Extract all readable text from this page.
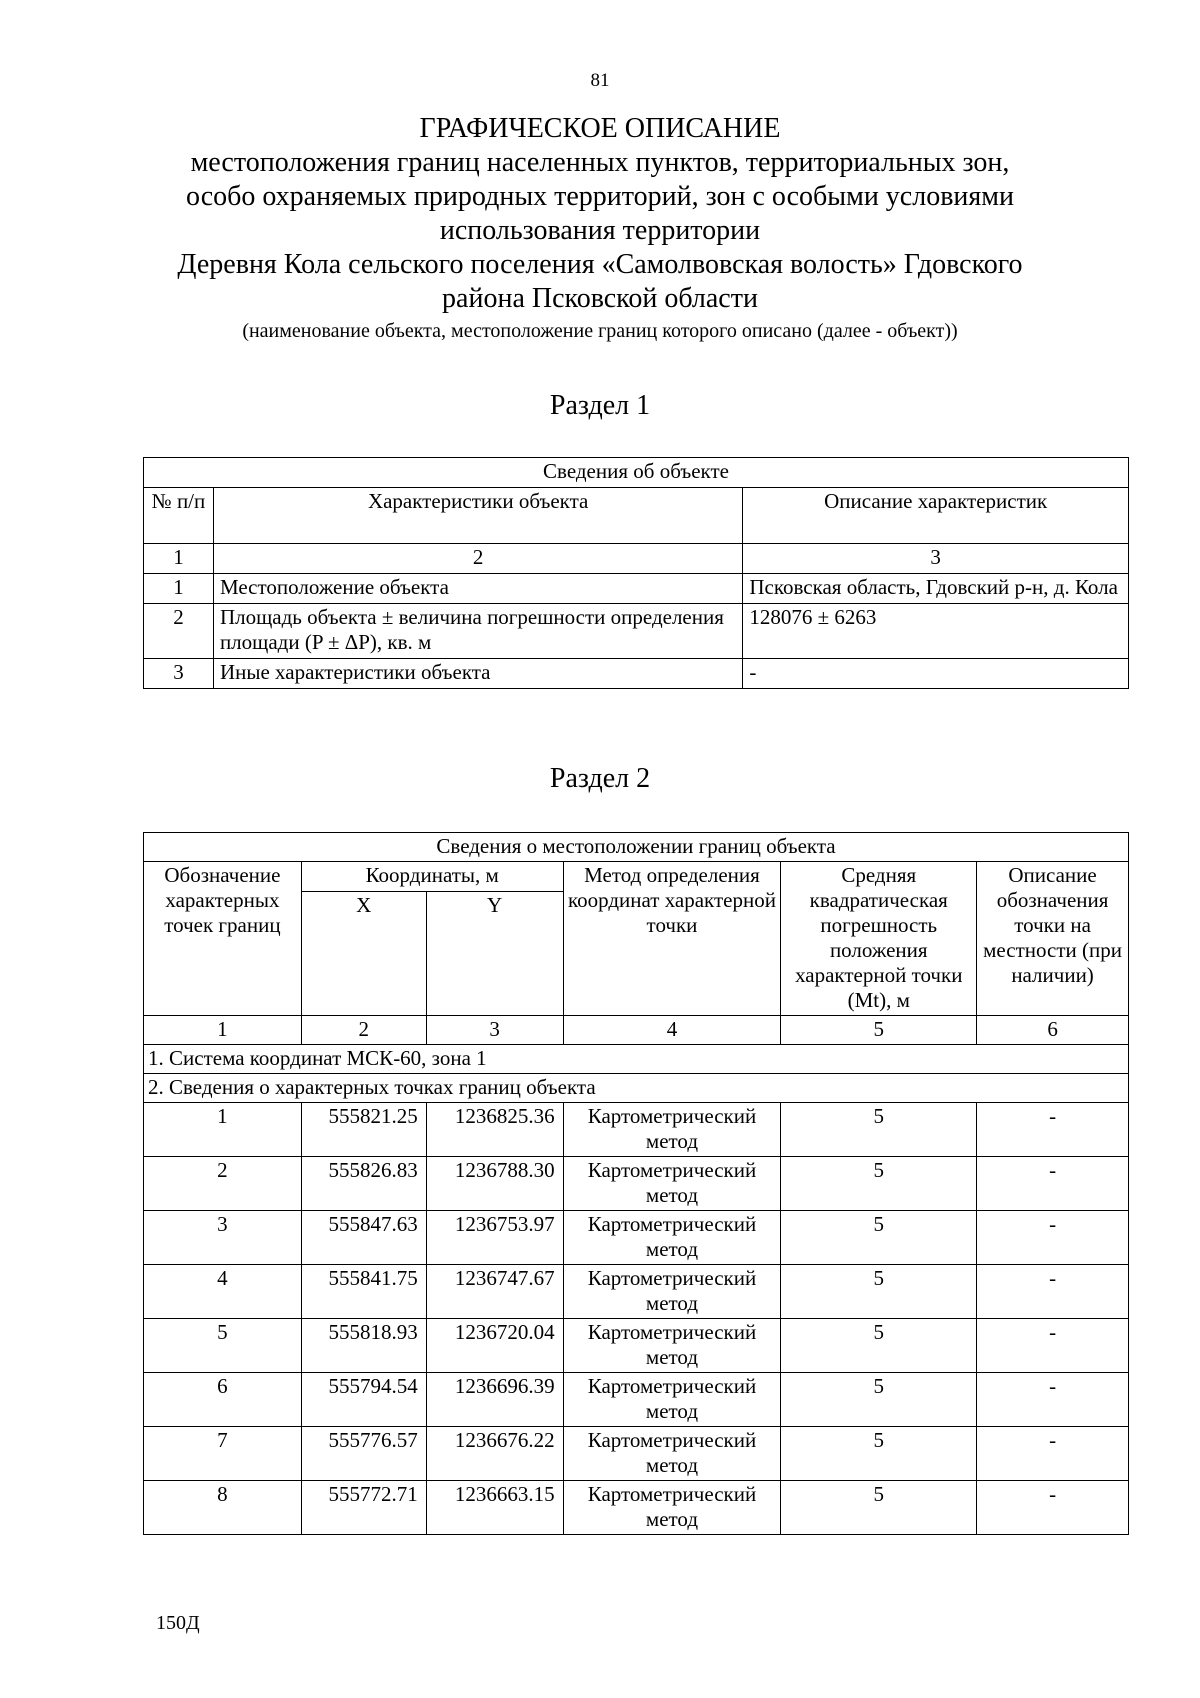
81
ГРАФИЧЕСКОЕ ОПИСАНИЕ
местоположения границ населенных пунктов, территориальных зон,
особо охраняемых природных территорий, зон с особыми условиями
использования территории
Деревня Кола сельского поселения «Самолвовская волость» Гдовского
района Псковской области
(наименование объекта, местоположение границ которого описано (далее - объект))
Раздел 1
Сведения об объекте		
№ п/п	Характеристики объекта	Описание характеристик
1	2	3
1	Местоположение объекта	Псковская область, Гдовский р-н, д. Кола
2	Площадь объекта ± величина погрешности определения площади (P ± ΔP), кв. м	128076 ± 6263
3	Иные характеристики объекта	-
Раздел 2
Сведения о местоположении границ объекта					
Обозначение характерных точек границ	Координаты, м		Метод определения координат характерной точки	Средняя квадратическая погрешность положения характерной точки (Mt), м	Описание обозначения точки на местности (при наличии)
	X	Y			
1	2	3	4	5	6
1. Система координат МСК-60, зона 1					
2. Сведения о характерных точках границ объекта					
1	555821.25	1236825.36	Картометрический метод	5	-
2	555826.83	1236788.30	Картометрический метод	5	-
3	555847.63	1236753.97	Картометрический метод	5	-
4	555841.75	1236747.67	Картометрический метод	5	-
5	555818.93	1236720.04	Картометрический метод	5	-
6	555794.54	1236696.39	Картометрический метод	5	-
7	555776.57	1236676.22	Картометрический метод	5	-
8	555772.71	1236663.15	Картометрический метод	5	-
150Д
